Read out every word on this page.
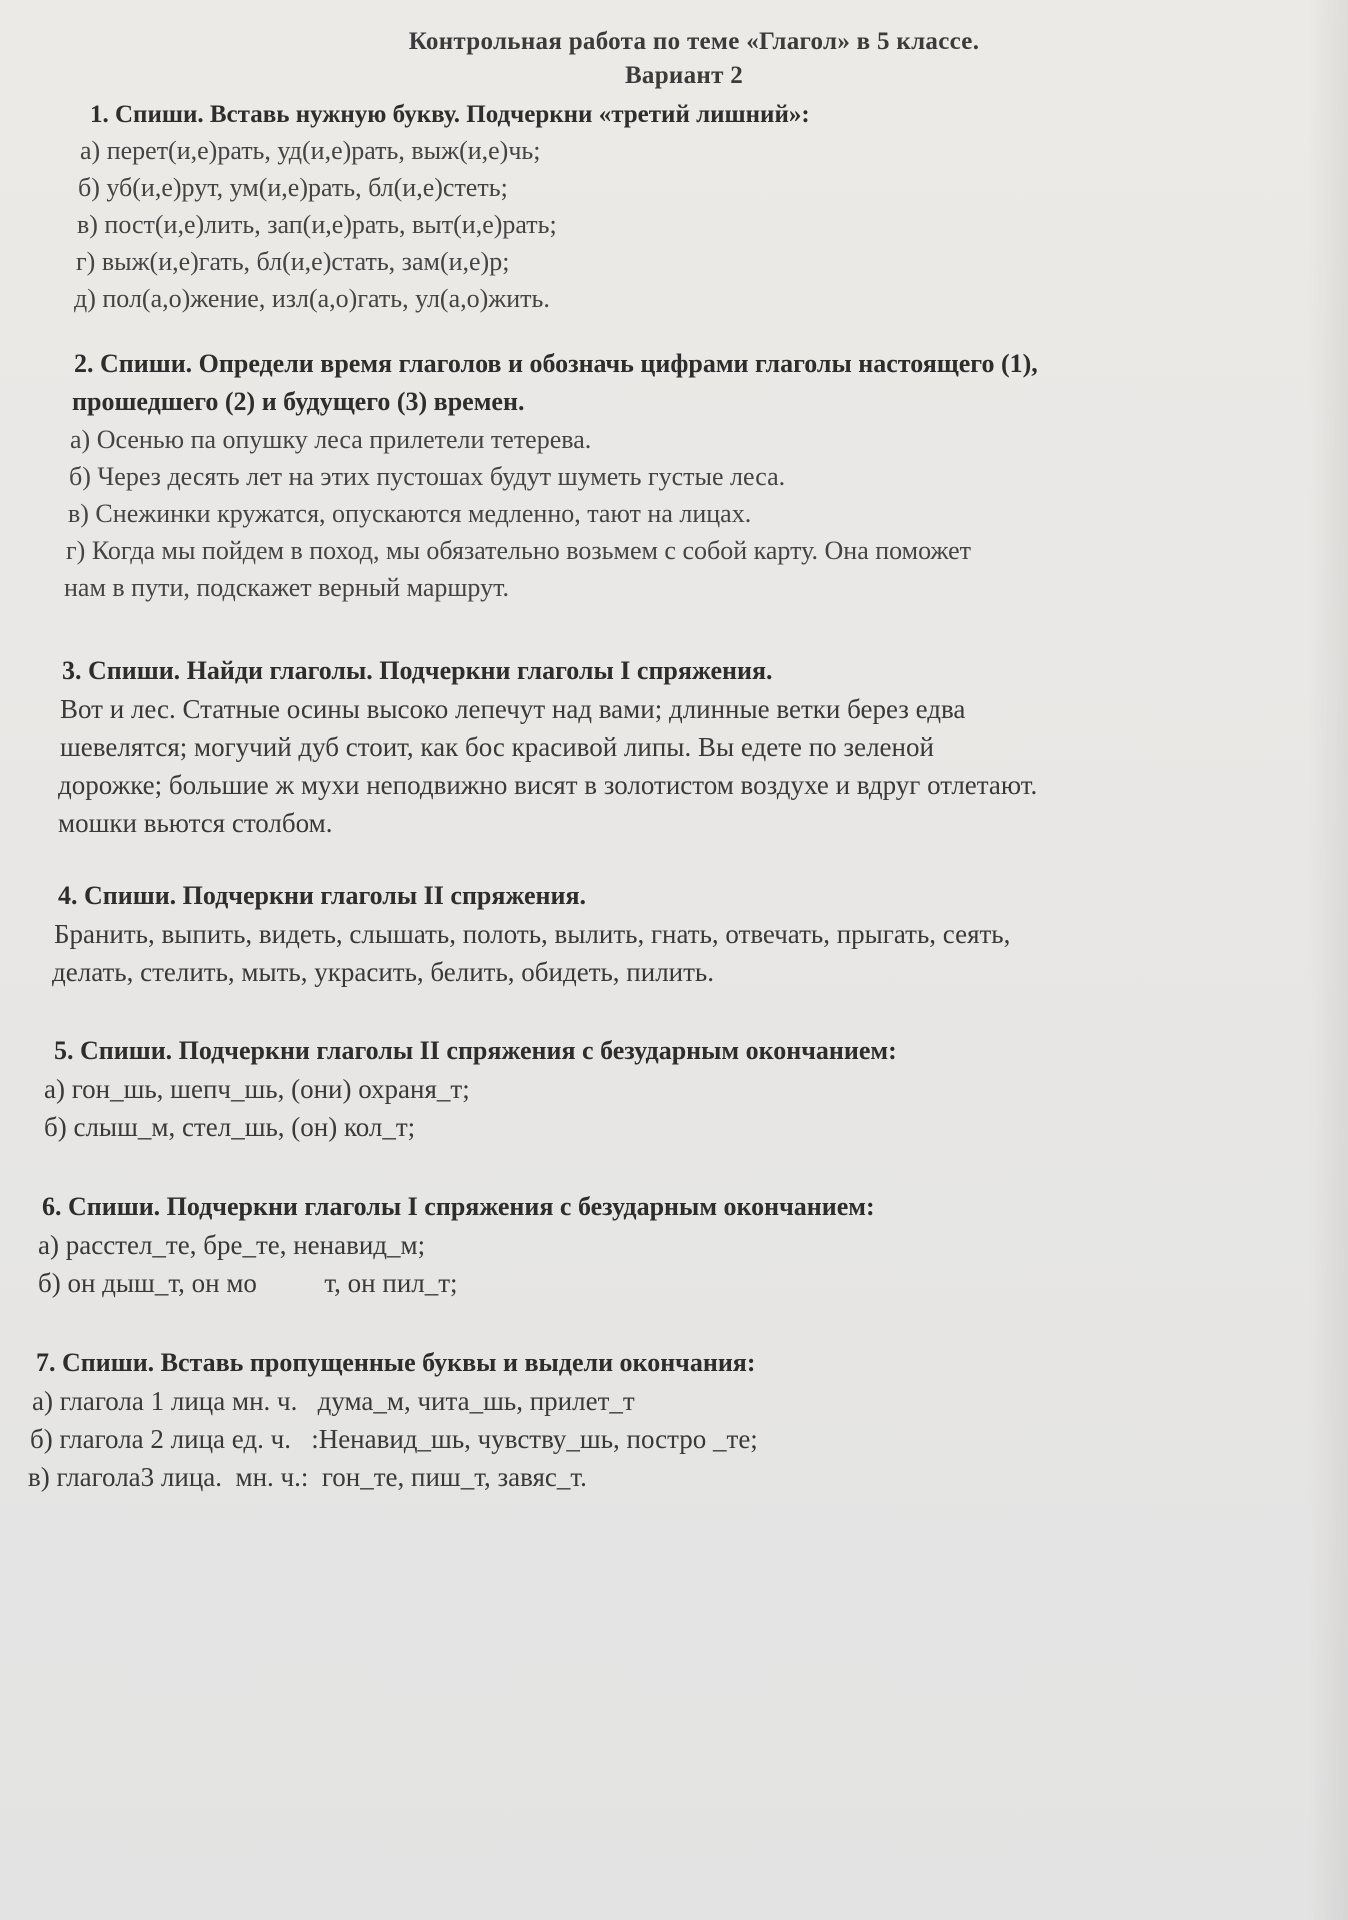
Контрольная работа по теме «Глагол» в 5 классе.
Вариант 2
1. Спиши. Вставь нужную букву. Подчеркни «третий лишний»:
а) перет(и,е)рать, уд(и,е)рать, выж(и,е)чь;
б) уб(и,е)рут, ум(и,е)рать, бл(и,е)стеть;
в) пост(и,е)лить, зап(и,е)рать, выт(и,е)рать;
г) выж(и,е)гать, бл(и,е)стать, зам(и,е)р;
д) пол(а,о)жение, изл(а,о)гать, ул(а,о)жить.
2. Спиши. Определи время глаголов и обозначь цифрами глаголы настоящего (1),
прошедшего (2) и будущего (3) времен.
а) Осенью па опушку леса прилетели тетерева.
б) Через десять лет на этих пустошах будут шуметь густые леса.
в) Снежинки кружатся, опускаются медленно, тают на лицах.
г) Когда мы пойдем в поход, мы обязательно возьмем с собой карту. Она поможет
нам в пути, подскажет верный маршрут.
3. Спиши. Найди глаголы. Подчеркни глаголы I спряжения.
Вот и лес. Статные осины высоко лепечут над вами; длинные ветки берез едва
шевелятся; могучий дуб стоит, как бос красивой липы. Вы едете по зеленой
дорожке; большие ж мухи неподвижно висят в золотистом воздухе и вдруг отлетают.
мошки вьются столбом.
4. Спиши. Подчеркни глаголы II спряжения.
Бранить, выпить, видеть, слышать, полоть, вылить, гнать, отвечать, прыгать, сеять,
делать, стелить, мыть, украсить, белить, обидеть, пилить.
5. Спиши. Подчеркни глаголы II спряжения с безударным окончанием:
а) гон_шь, шепч_шь, (они) охраня_т;
б) слыш_м, стел_шь, (он) кол_т;
6. Спиши. Подчеркни глаголы I спряжения с безударным окончанием:
а) расстел_те, бре_те, ненавид_м;
б) он дыш_т, он мо          т, он пил_т;
7. Спиши. Вставь пропущенные буквы и выдели окончания:
а) глагола 1 лица мн. ч.   дума_м, чита_шь, прилет_т
б) глагола 2 лица ед. ч.   :Ненавид_шь, чувству_шь, постро _те;
в) глагола3 лица.  мн. ч.:  гон_те, пиш_т, завяс_т.
